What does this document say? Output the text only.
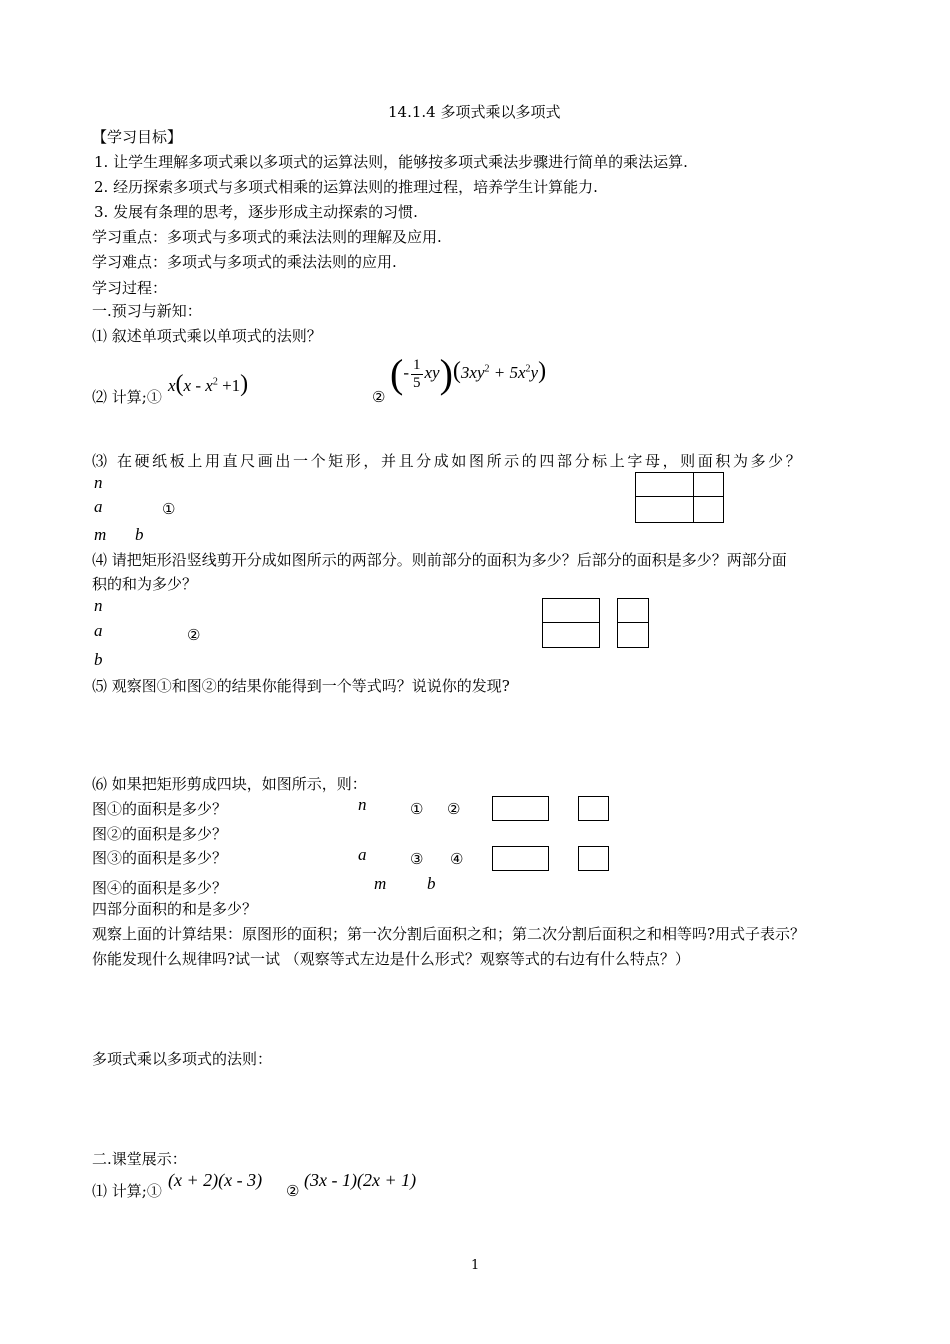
14.1.4 多项式乘以多项式
【学习目标】
1. 让学生理解多项式乘以多项式的运算法则，能够按多项式乘法步骤进行简单的乘法运算.
2. 经历探索多项式与多项式相乘的运算法则的推理过程，培养学生计算能力.
3. 发展有条理的思考，逐步形成主动探索的习惯.
学习重点：多项式与多项式的乘法法则的理解及应用.
学习难点：多项式与多项式的乘法法则的应用.
学习过程：
一.预习与新知：
⑴ 叙述单项式乘以单项式的法则？
⑵ 计算;①
$x(x - x^2 +1)$	②
(- $\frac{1}{5} xy)(3xy^2 + 5x^2y)$
⑶ 在硬纸板上用直尺画出一个矩形，并且分成如图所示的四部分标上字母，则面积为多少？
n
a	①
m b
⑷ 请把矩形沿竖线剪开分成如图所示的两部分。则前部分的面积为多少？后部分的面积是多少？两部分面
积的和为多少？
n
a	②
b
⑸ 观察图①和图②的结果你能得到一个等式吗？说说你的发现?
⑹ 如果把矩形剪成四块，如图所示，则：
图①的面积是多少？
图②的面积是多少？
图③的面积是多少？
图④的面积是多少？
四部分面积的和是多少？
n	① ②
a	③ ④
m b
观察上面的计算结果：原图形的面积；第一次分割后面积之和；第二次分割后面积之和相等吗?用式子表示？
你能发现什么规律吗?试一试 （观察等式左边是什么形式？观察等式的右边有什么特点？）
多项式乘以多项式的法则：
二.课堂展示：
⑴ 计算;①
(x + 2)(x - 3)
②
(3x - 1)(2x + 1)
1
